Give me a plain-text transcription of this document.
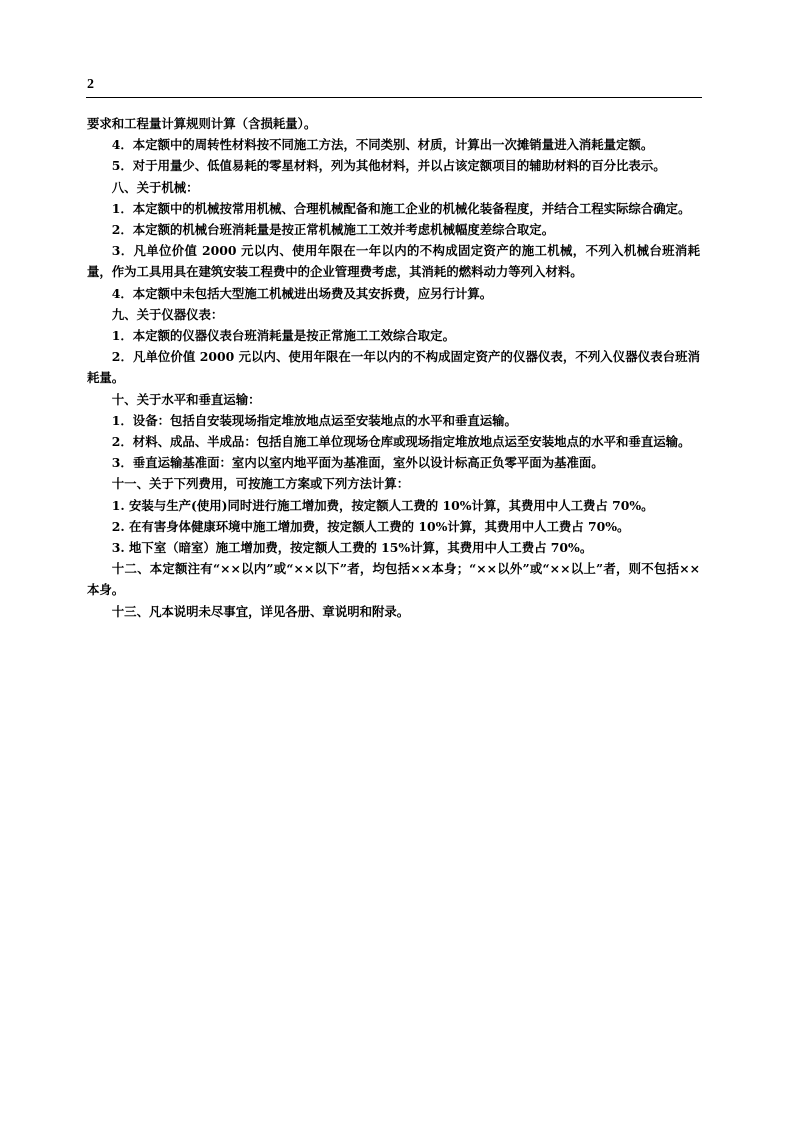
2

要求和工程量计算规则计算（含损耗量）。

4．本定额中的周转性材料按不同施工方法，不同类别、材质，计算出一次摊销量进入消耗量定额。

5．对于用量少、低值易耗的零星材料，列为其他材料，并以占该定额项目的辅助材料的百分比表示。

八、关于机械：

1．本定额中的机械按常用机械、合理机械配备和施工企业的机械化装备程度，并结合工程实际综合确定。

2．本定额的机械台班消耗量是按正常机械施工工效并考虑机械幅度差综合取定。

3．凡单位价值 2000 元以内、使用年限在一年以内的不构成固定资产的施工机械，不列入机械台班消耗量，作为工具用具在建筑安装工程费中的企业管理费考虑，其消耗的燃料动力等列入材料。

4．本定额中未包括大型施工机械进出场费及其安拆费，应另行计算。

九、关于仪器仪表：

1．本定额的仪器仪表台班消耗量是按正常施工工效综合取定。

2．凡单位价值 2000 元以内、使用年限在一年以内的不构成固定资产的仪器仪表，不列入仪器仪表台班消耗量。

十、关于水平和垂直运输：

1．设备：包括自安装现场指定堆放地点运至安装地点的水平和垂直运输。

2．材料、成品、半成品：包括自施工单位现场仓库或现场指定堆放地点运至安装地点的水平和垂直运输。

3．垂直运输基准面：室内以室内地平面为基准面，室外以设计标高正负零平面为基准面。

十一、关于下列费用，可按施工方案或下列方法计算：

1. 安装与生产(使用)同时进行施工增加费，按定额人工费的 10%计算，其费用中人工费占 70%。

2. 在有害身体健康环境中施工增加费，按定额人工费的 10%计算，其费用中人工费占 70%。

3. 地下室（暗室）施工增加费，按定额人工费的 15%计算，其费用中人工费占 70%。

十二、本定额注有“××以内”或“××以下”者，均包括××本身；“××以外”或“××以上”者，则不包括××本身。

十三、凡本说明未尽事宜，详见各册、章说明和附录。
